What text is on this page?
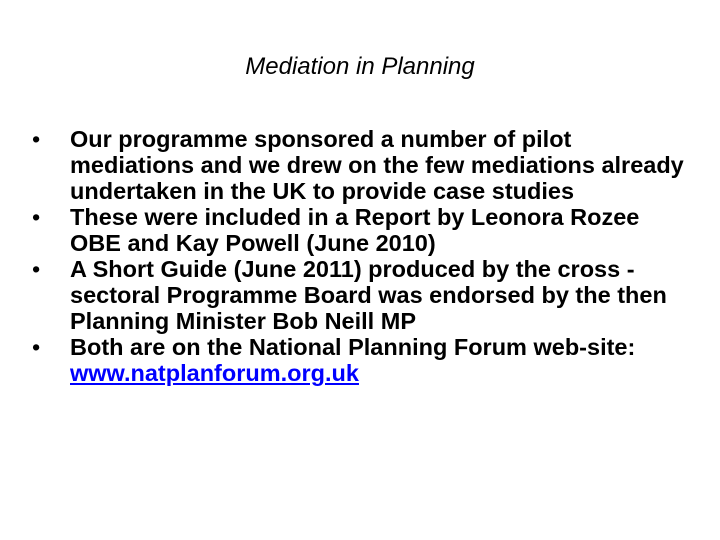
Mediation in Planning
•	Our programme sponsored a number of pilot mediations and we drew on the few mediations already undertaken in the UK to provide case studies
•	These were included in a Report by Leonora Rozee OBE and Kay Powell (June 2010)
•	A Short Guide (June 2011) produced by the cross -sectoral Programme Board was endorsed by the then Planning Minister Bob Neill MP
•	Both are on the National Planning Forum web-site: www.natplanforum.org.uk
